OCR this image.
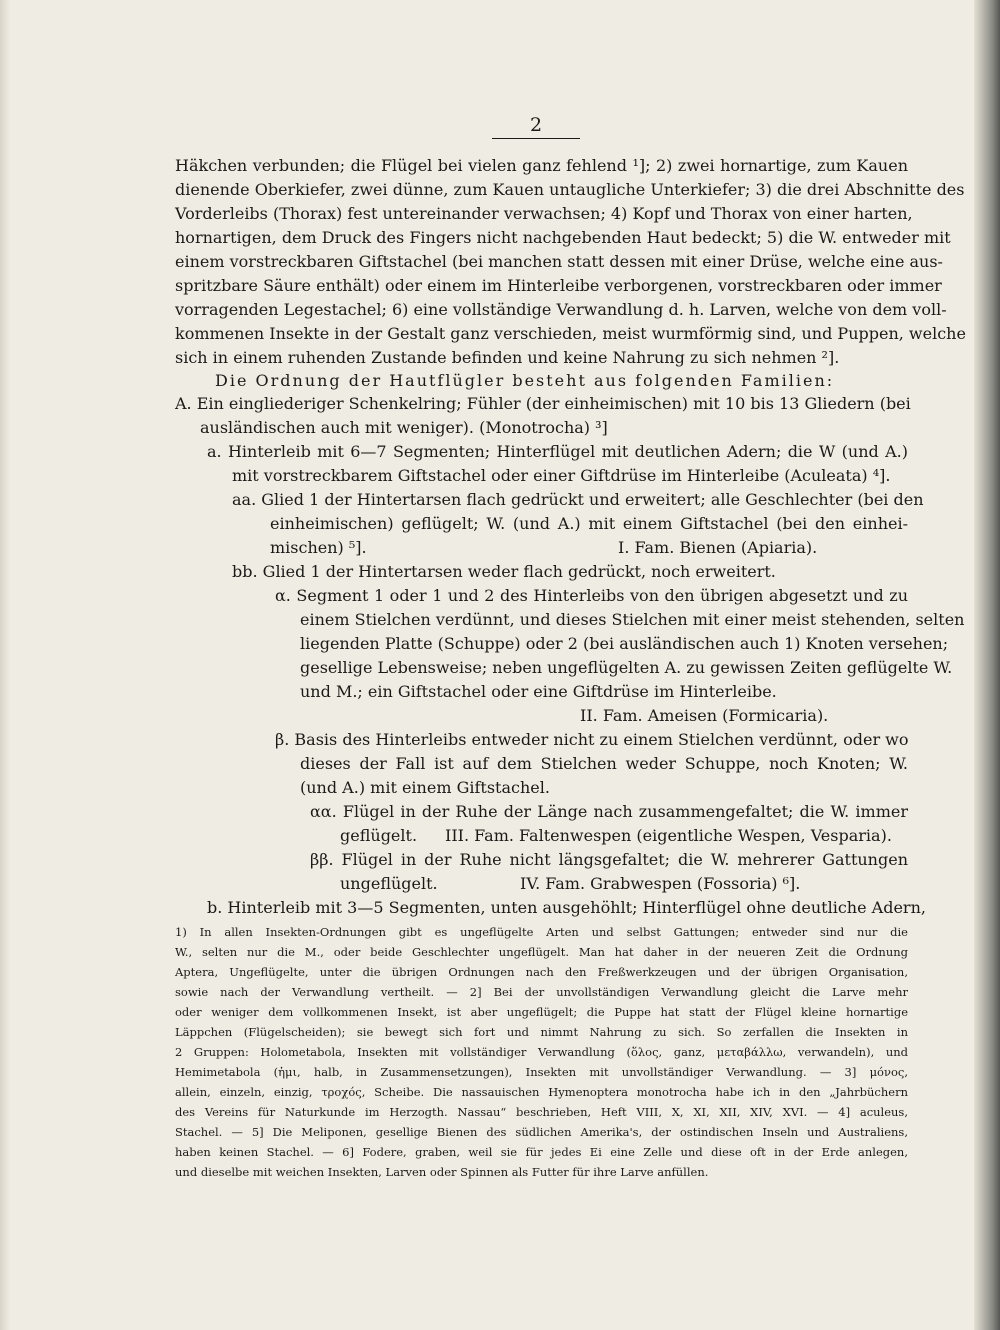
2
Häkchen verbunden; die Flügel bei vielen ganz fehlend ¹]; 2) zwei hornartige, zum Kauen
dienende Oberkiefer, zwei dünne, zum Kauen untaugliche Unterkiefer; 3) die drei Abschnitte des
Vorderleibs (Thorax) fest untereinander verwachsen; 4) Kopf und Thorax von einer harten,
hornartigen, dem Druck des Fingers nicht nachgebenden Haut bedeckt; 5) die W. entweder mit
einem vorstreckbaren Giftstachel (bei manchen statt dessen mit einer Drüse, welche eine aus-
spritzbare Säure enthält) oder einem im Hinterleibe verborgenen, vorstreckbaren oder immer
vorragenden Legestachel; 6) eine vollständige Verwandlung d. h. Larven, welche von dem voll-
kommenen Insekte in der Gestalt ganz verschieden, meist wurmförmig sind, und Puppen, welche
sich in einem ruhenden Zustande befinden und keine Nahrung zu sich nehmen ²].
Die Ordnung der Hautflügler besteht aus folgenden Familien:
A. Ein eingliederiger Schenkelring; Fühler (der einheimischen) mit 10 bis 13 Gliedern (bei
ausländischen auch mit weniger). (Monotrocha) ³]
a. Hinterleib mit 6—7 Segmenten; Hinterflügel mit deutlichen Adern; die W (und A.)
mit vorstreckbarem Giftstachel oder einer Giftdrüse im Hinterleibe (Aculeata) ⁴].
aa. Glied 1 der Hintertarsen flach gedrückt und erweitert; alle Geschlechter (bei den
einheimischen) geflügelt; W. (und A.) mit einem Giftstachel (bei den einhei-
mischen) ⁵].	I. Fam. Bienen (Apiaria).
bb. Glied 1 der Hintertarsen weder flach gedrückt, noch erweitert.
α. Segment 1 oder 1 und 2 des Hinterleibs von den übrigen abgesetzt und zu
einem Stielchen verdünnt, und dieses Stielchen mit einer meist stehenden, selten
liegenden Platte (Schuppe) oder 2 (bei ausländischen auch 1) Knoten versehen;
gesellige Lebensweise; neben ungeflügelten A. zu gewissen Zeiten geflügelte W.
und M.; ein Giftstachel oder eine Giftdrüse im Hinterleibe.
II. Fam. Ameisen (Formicaria).
β. Basis des Hinterleibs entweder nicht zu einem Stielchen verdünnt, oder wo
dieses der Fall ist auf dem Stielchen weder Schuppe, noch Knoten; W.
(und A.) mit einem Giftstachel.
αα. Flügel in der Ruhe der Länge nach zusammengefaltet; die W. immer
geflügelt.	III. Fam. Faltenwespen (eigentliche Wespen, Vesparia).
ββ. Flügel in der Ruhe nicht längsgefaltet; die W. mehrerer Gattungen
ungeflügelt.	IV. Fam. Grabwespen (Fossoria) ⁶].
b. Hinterleib mit 3—5 Segmenten, unten ausgehöhlt; Hinterflügel ohne deutliche Adern,
1) In allen Insekten-Ordnungen gibt es ungeflügelte Arten und selbst Gattungen; entweder sind nur die
W., selten nur die M., oder beide Geschlechter ungeflügelt. Man hat daher in der neueren Zeit die Ordnung
Aptera, Ungeflügelte, unter die übrigen Ordnungen nach den Freßwerkzeugen und der übrigen Organisation,
sowie nach der Verwandlung vertheilt. — 2] Bei der unvollständigen Verwandlung gleicht die Larve mehr
oder weniger dem vollkommenen Insekt, ist aber ungeflügelt; die Puppe hat statt der Flügel kleine hornartige
Läppchen (Flügelscheiden); sie bewegt sich fort und nimmt Nahrung zu sich. So zerfallen die Insekten in
2 Gruppen: Holometabola, Insekten mit vollständiger Verwandlung (ὅλος, ganz, μεταβάλλω, verwandeln), und
Hemimetabola (ἡμι, halb, in Zusammensetzungen), Insekten mit unvollständiger Verwandlung. — 3] μόνος,
allein, einzeln, einzig, τροχός, Scheibe. Die nassauischen Hymenoptera monotrocha habe ich in den „Jahrbüchern
des Vereins für Naturkunde im Herzogth. Nassau“ beschrieben, Heft VIII, X, XI, XII, XIV, XVI. — 4] aculeus,
Stachel. — 5] Die Meliponen, gesellige Bienen des südlichen Amerika's, der ostindischen Inseln und Australiens,
haben keinen Stachel. — 6] Fodere, graben, weil sie für jedes Ei eine Zelle und diese oft in der Erde anlegen,
und dieselbe mit weichen Insekten, Larven oder Spinnen als Futter für ihre Larve anfüllen.
